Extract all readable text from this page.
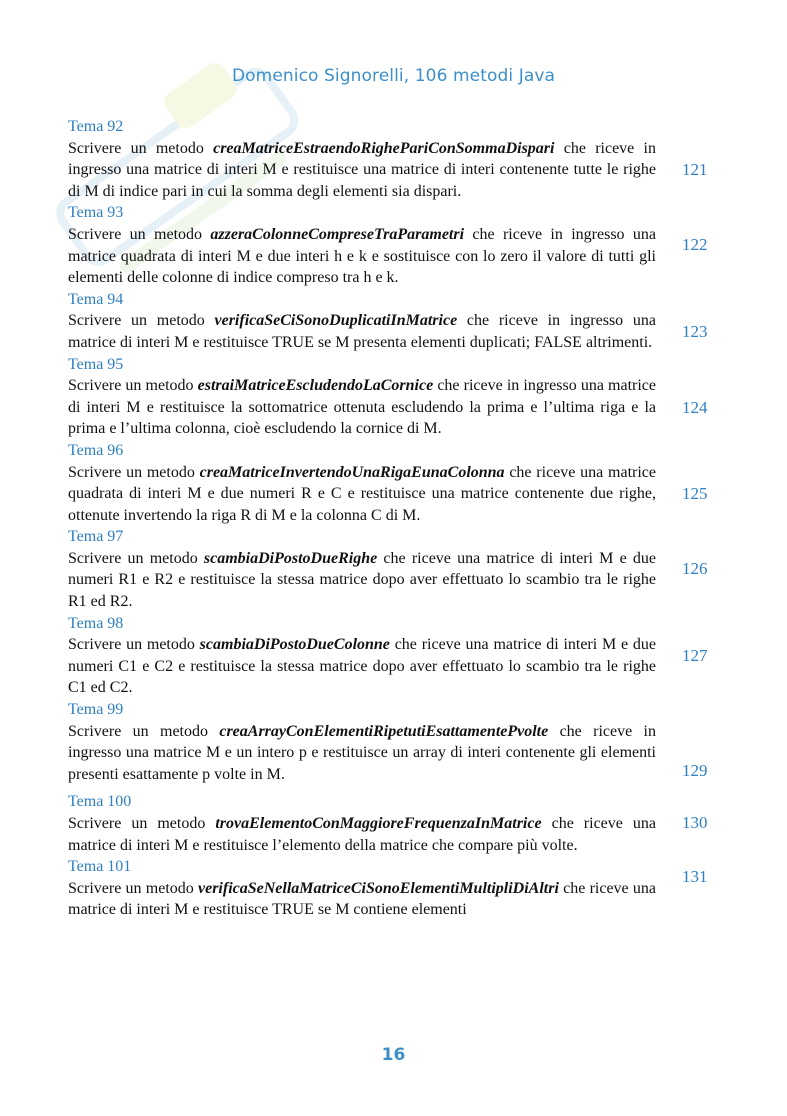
Domenico Signorelli, 106 metodi Java
Tema 92

Scrivere un metodo creaMatriceEstraendoRighePariConSommaDispari che riceve in ingresso una matrice di interi M e restituisce una matrice di interi contenente tutte le righe di M di indice pari in cui la somma degli elementi sia dispari.

121
Tema 93

Scrivere un metodo azzeraColonneCompreseTraParametri che riceve in ingresso una matrice quadrata di interi M e due interi h e k e sostituisce con lo zero il valore di tutti gli elementi delle colonne di indice compreso tra h e k.

122
Tema 94

Scrivere un metodo verificaSeCiSonoDuplicatiInMatrice che riceve in ingresso una matrice di interi M e restituisce TRUE se M presenta elementi duplicati; FALSE altrimenti.

123
Tema 95

Scrivere un metodo estraiMatriceEscludendoLaCornice che riceve in ingresso una matrice di interi M e restituisce la sottomatrice ottenuta escludendo la prima e l’ultima riga e la prima e l’ultima colonna, cioè escludendo la cornice di M.

124
Tema 96

Scrivere un metodo creaMatriceInvertendoUnaRigaEunaColonna che riceve una matrice quadrata di interi M e due numeri R e C e restituisce una matrice contenente due righe, ottenute invertendo la riga R di M e la colonna C di M.

125
Tema 97

Scrivere un metodo scambiaDiPostoDueRighe che riceve una matrice di interi M e due numeri R1 e R2 e restituisce la stessa matrice dopo aver effettuato lo scambio tra le righe R1 ed R2.

126
Tema 98

Scrivere un metodo scambiaDiPostoDueColonne che riceve una matrice di interi M e due numeri C1 e C2 e restituisce la stessa matrice dopo aver effettuato lo scambio tra le righe C1 ed C2.

127
Tema 99

Scrivere un metodo creaArrayConElementiRipetutiEsattamentePvolte che riceve in ingresso una matrice M e un intero p e restituisce un array di interi contenente gli elementi presenti esattamente p volte in M.	129
Tema 100

Scrivere un metodo trovaElementoConMaggioreFrequenzaInMatrice che riceve una matrice di interi M e restituisce l’elemento della matrice che compare più volte.

130
Tema 101

Scrivere un metodo verificaSeNellaMatriceCiSonoElementiMultipliDiAltri che riceve una matrice di interi M e restituisce TRUE se M contiene elementi

131
16
